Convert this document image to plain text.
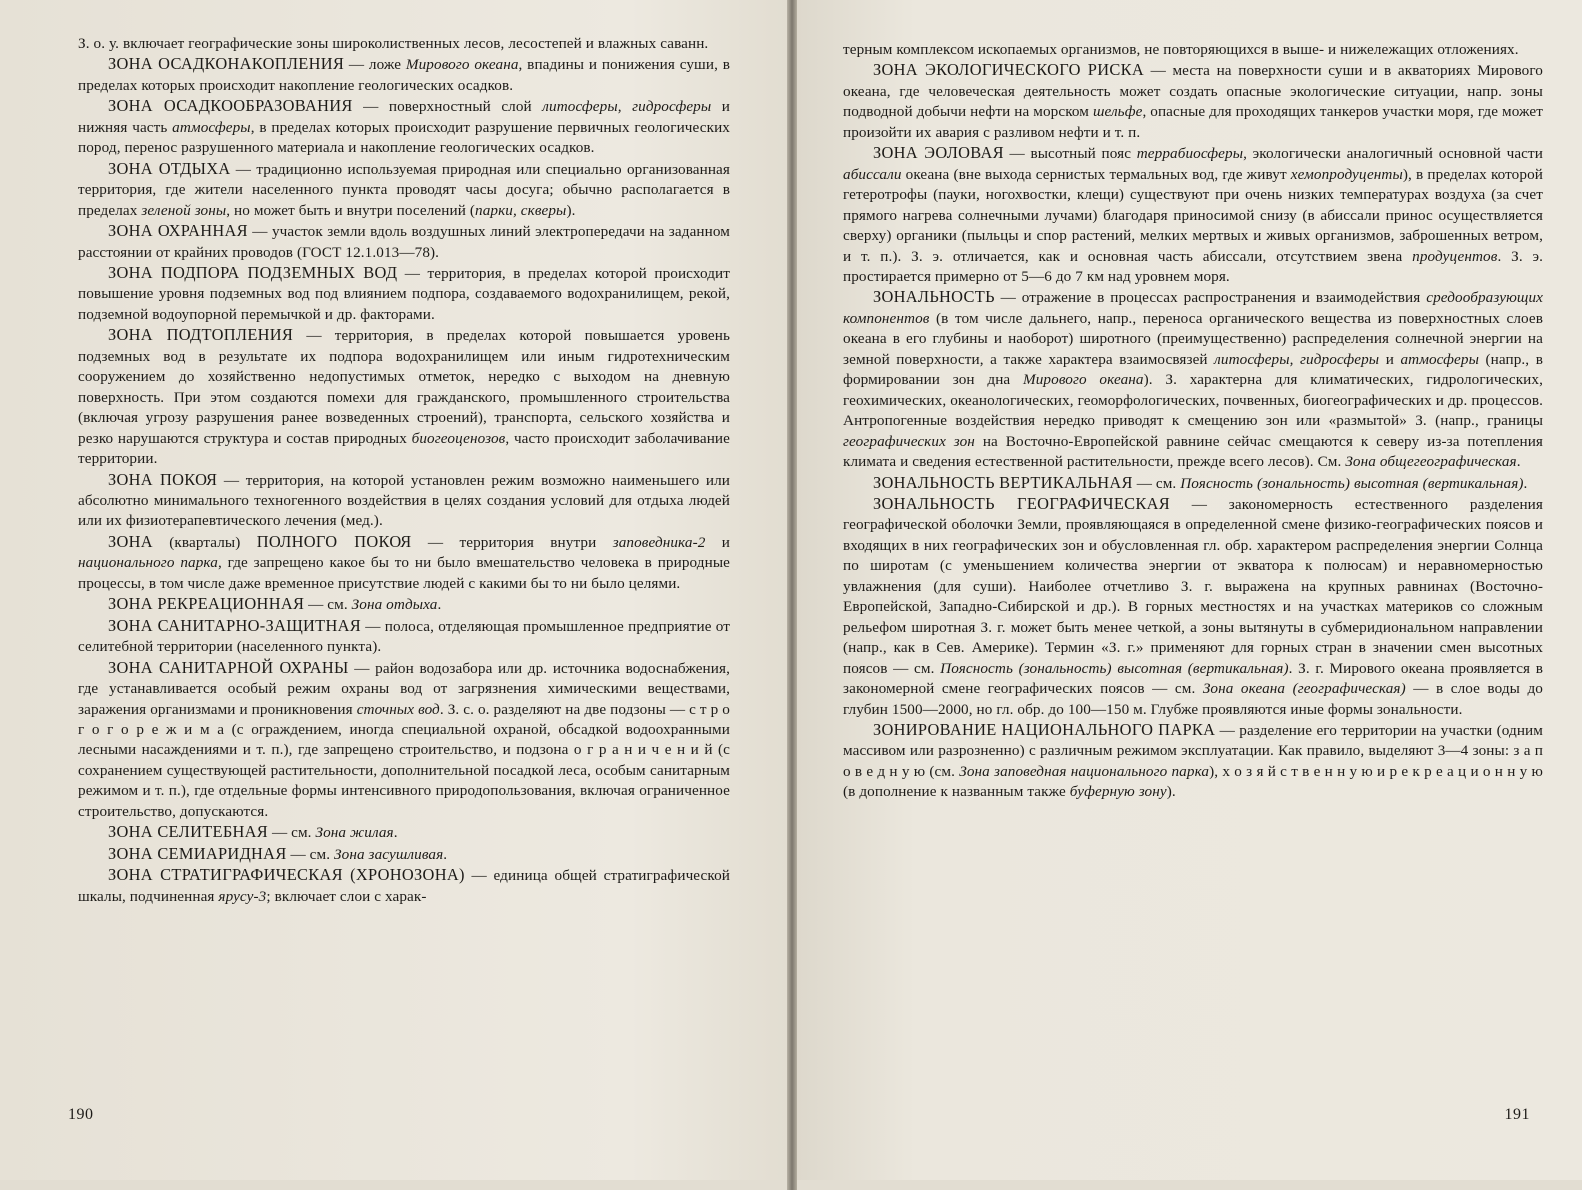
З. о. у. включает географические зоны широколиственных лесов, лесостепей и влажных саванн.

ЗОНА ОСАДКОНАКОПЛЕНИЯ — ложе Мирового океана, впадины и понижения суши, в пределах которых происходит накопление геологических осадков.

ЗОНА ОСАДКООБРАЗОВАНИЯ — поверхностный слой литосферы, гидросферы и нижняя часть атмосферы, в пределах которых происходит разрушение первичных геологических пород, перенос разрушенного материала и накопление геологических осадков.

ЗОНА ОТДЫХА — традиционно используемая природная или специально организованная территория, где жители населенного пункта проводят часы досуга; обычно располагается в пределах зеленой зоны, но может быть и внутри поселений (парки, скверы).

ЗОНА ОХРАННАЯ — участок земли вдоль воздушных линий электропередачи на заданном расстоянии от крайних проводов (ГОСТ 12.1.013—78).

ЗОНА ПОДПОРА ПОДЗЕМНЫХ ВОД — территория, в пределах которой происходит повышение уровня подземных вод под влиянием подпора, создаваемого водохранилищем, рекой, подземной водоупорной перемычкой и др. факторами.

ЗОНА ПОДТОПЛЕНИЯ — территория, в пределах которой повышается уровень подземных вод в результате их подпора водохранилищем или иным гидротехническим сооружением до хозяйственно недопустимых отметок, нередко с выходом на дневную поверхность. При этом создаются помехи для гражданского, промышленного строительства (включая угрозу разрушения ранее возведенных строений), транспорта, сельского хозяйства и резко нарушаются структура и состав природных биогеоценозов, часто происходит заболачивание территории.

ЗОНА ПОКОЯ — территория, на которой установлен режим возможно наименьшего или абсолютно минимального техногенного воздействия в целях создания условий для отдыха людей или их физиотерапевтического лечения (мед.).

ЗОНА (кварталы) ПОЛНОГО ПОКОЯ — территория внутри заповедника-2 и национального парка, где запрещено какое бы то ни было вмешательство человека в природные процессы, в том числе даже временное присутствие людей с какими бы то ни было целями.

ЗОНА РЕКРЕАЦИОННАЯ — см. Зона отдыха.

ЗОНА САНИТАРНО-ЗАЩИТНАЯ — полоса, отделяющая промышленное предприятие от селитебной территории (населенного пункта).

ЗОНА САНИТАРНОЙ ОХРАНЫ — район водозабора или др. источника водоснабжения, где устанавливается особый режим охраны вод от загрязнения химическими веществами, заражения организмами и проникновения сточных вод. З. с. о. разделяют на две подзоны — с т р о г о г о р е ж и м а (с ограждением, иногда специальной охраной, обсадкой водоохранными лесными насаждениями и т. п.), где запрещено строительство, и подзона о г р а н и ч е н и й (с сохранением существующей растительности, дополнительной посадкой леса, особым санитарным режимом и т. п.), где отдельные формы интенсивного природопользования, включая ограниченное строительство, допускаются.

ЗОНА СЕЛИТЕБНАЯ — см. Зона жилая.

ЗОНА СЕМИАРИДНАЯ — см. Зона засушливая.

ЗОНА СТРАТИГРАФИЧЕСКАЯ (ХРОНОЗОНА) — единица общей стратиграфической шкалы, подчиненная ярусу-3; включает слои с харак-

190

терным комплексом ископаемых организмов, не повторяющихся в выше- и нижележащих отложениях.

ЗОНА ЭКОЛОГИЧЕСКОГО РИСКА — места на поверхности суши и в акваториях Мирового океана, где человеческая деятельность может создать опасные экологические ситуации, напр. зоны подводной добычи нефти на морском шельфе, опасные для проходящих танкеров участки моря, где может произойти их авария с разливом нефти и т. п.

ЗОНА ЭОЛОВАЯ — высотный пояс террабиосферы, экологически аналогичный основной части абиссали океана (вне выхода сернистых термальных вод, где живут хемопродуценты), в пределах которой гетеротрофы (пауки, ногохвостки, клещи) существуют при очень низких температурах воздуха (за счет прямого нагрева солнечными лучами) благодаря приносимой снизу (в абиссали принос осуществляется сверху) органики (пыльцы и спор растений, мелких мертвых и живых организмов, заброшенных ветром, и т. п.). З. э. отличается, как и основная часть абиссали, отсутствием звена продуцентов. З. э. простирается примерно от 5—6 до 7 км над уровнем моря.

ЗОНАЛЬНОСТЬ — отражение в процессах распространения и взаимодействия средообразующих компонентов (в том числе дальнего, напр., переноса органического вещества из поверхностных слоев океана в его глубины и наоборот) широтного (преимущественно) распределения солнечной энергии на земной поверхности, а также характера взаимосвязей литосферы, гидросферы и атмосферы (напр., в формировании зон дна Мирового океана). З. характерна для климатических, гидрологических, геохимических, океанологических, геоморфологических, почвенных, биогеографических и др. процессов. Антропогенные воздействия нередко приводят к смещению зон или «размытой» З. (напр., границы географических зон на Восточно-Европейской равнине сейчас смещаются к северу из-за потепления климата и сведения естественной растительности, прежде всего лесов). См. Зона общегеографическая.

ЗОНАЛЬНОСТЬ ВЕРТИКАЛЬНАЯ — см. Поясность (зональность) высотная (вертикальная).

ЗОНАЛЬНОСТЬ ГЕОГРАФИЧЕСКАЯ — закономерность естественного разделения географической оболочки Земли, проявляющаяся в определенной смене физико-географических поясов и входящих в них географических зон и обусловленная гл. обр. характером распределения энергии Солнца по широтам (с уменьшением количества энергии от экватора к полюсам) и неравномерностью увлажнения (для суши). Наиболее отчетливо З. г. выражена на крупных равнинах (Восточно-Европейской, Западно-Сибирской и др.). В горных местностях и на участках материков со сложным рельефом широтная З. г. может быть менее четкой, а зоны вытянуты в субмеридиональном направлении (напр., как в Сев. Америке). Термин «З. г.» применяют для горных стран в значении смен высотных поясов — см. Поясность (зональность) высотная (вертикальная). З. г. Мирового океана проявляется в закономерной смене географических поясов — см. Зона океана (географическая) — в слое воды до глубин 1500—2000, но гл. обр. до 100—150 м. Глубже проявляются иные формы зональности.

ЗОНИРОВАНИЕ НАЦИОНАЛЬНОГО ПАРКА — разделение его территории на участки (одним массивом или разрозненно) с различным режимом эксплуатации. Как правило, выделяют 3—4 зоны: з а п о в е д н у ю (см. Зона заповедная национального парка), х о з я й с т в е н н у ю и р е к р е а ц и о н н у ю (в дополнение к названным также буферную зону).

191
